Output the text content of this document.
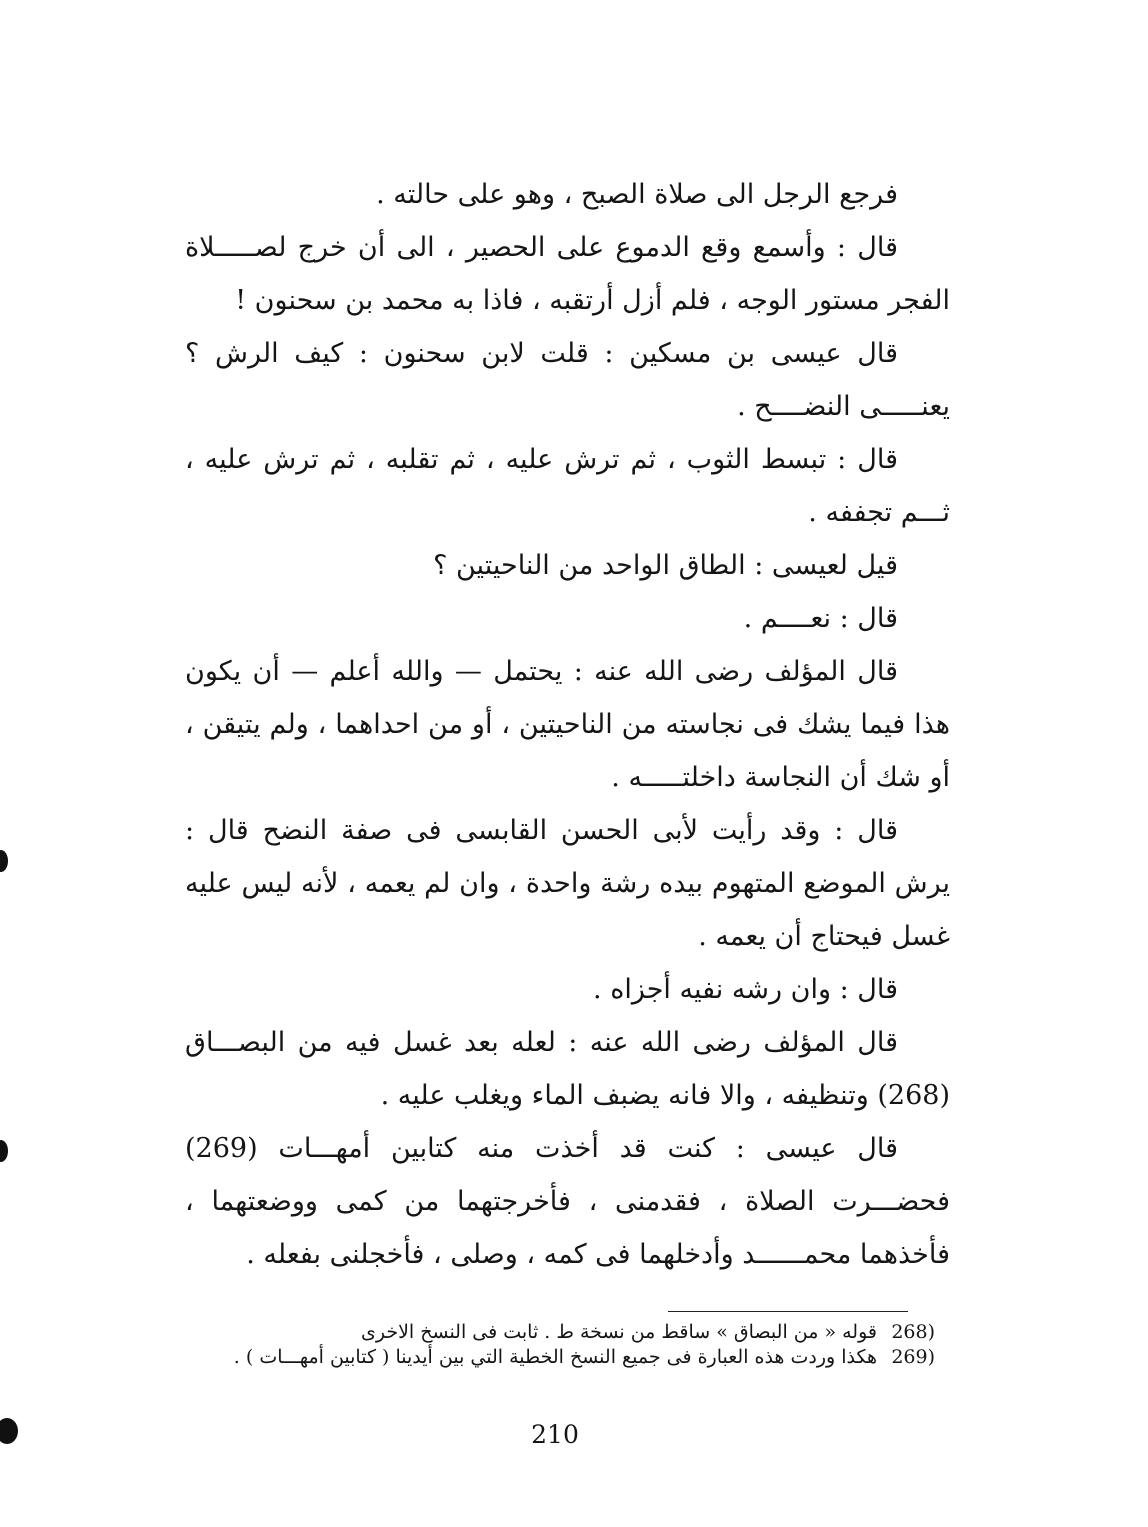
فرجع الرجل الى صلاة الصبح ، وهو على حالته .

قال : وأسمع وقع الدموع على الحصير ، الى أن خرج لصـــــلاة الفجر مستور الوجه ، فلم أزل أرتقبه ، فاذا به محمد بن سحنون !

قال عيسى بن مسكين : قلت لابن سحنون : كيف الرش ؟ يعنـــــى النضــــح .

قال : تبسط الثوب ، ثم ترش عليه ، ثم تقلبه ، ثم ترش عليه ، ثـــم تجففه .

قيل لعيسى : الطاق الواحد من الناحيتين ؟

قال : نعــــم .

قال المؤلف رضى الله عنه : يحتمل — والله أعلم — أن يكون هذا فيما يشك فى نجاسته من الناحيتين ، أو من احداهما ، ولم يتيقن ، أو شك أن النجاسة داخلتـــــه .

قال : وقد رأيت لأبى الحسن القابسى فى صفة النضح قال : يرش الموضع المتهوم بيده رشة واحدة ، وان لم يعمه ، لأنه ليس عليه غسل فيحتاج أن يعمه .

قال : وان رشه نفيه أجزاه .

قال المؤلف رضى الله عنه : لعله بعد غسل فيه من البصـــاق (268) وتنظيفه ، والا فانه يضبف الماء ويغلب عليه .

قال عيسى : كنت قد أخذت منه كتابين أمهـــات (269) فحضـــرت الصلاة ، فقدمنى ، فأخرجتهما من كمى ووضعتهما ، فأخذهما محمــــــد وأدخلهما فى كمه ، وصلى ، فأخجلنى بفعله .

(268
قوله « من البصاق » ساقط من نسخة ط . ثابت فى النسخ الاخرى
(269
هكذا وردت هذه العبارة فى جميع النسخ الخطية التي بين أيدينا ( كتابين أمهـــات ) .
210
